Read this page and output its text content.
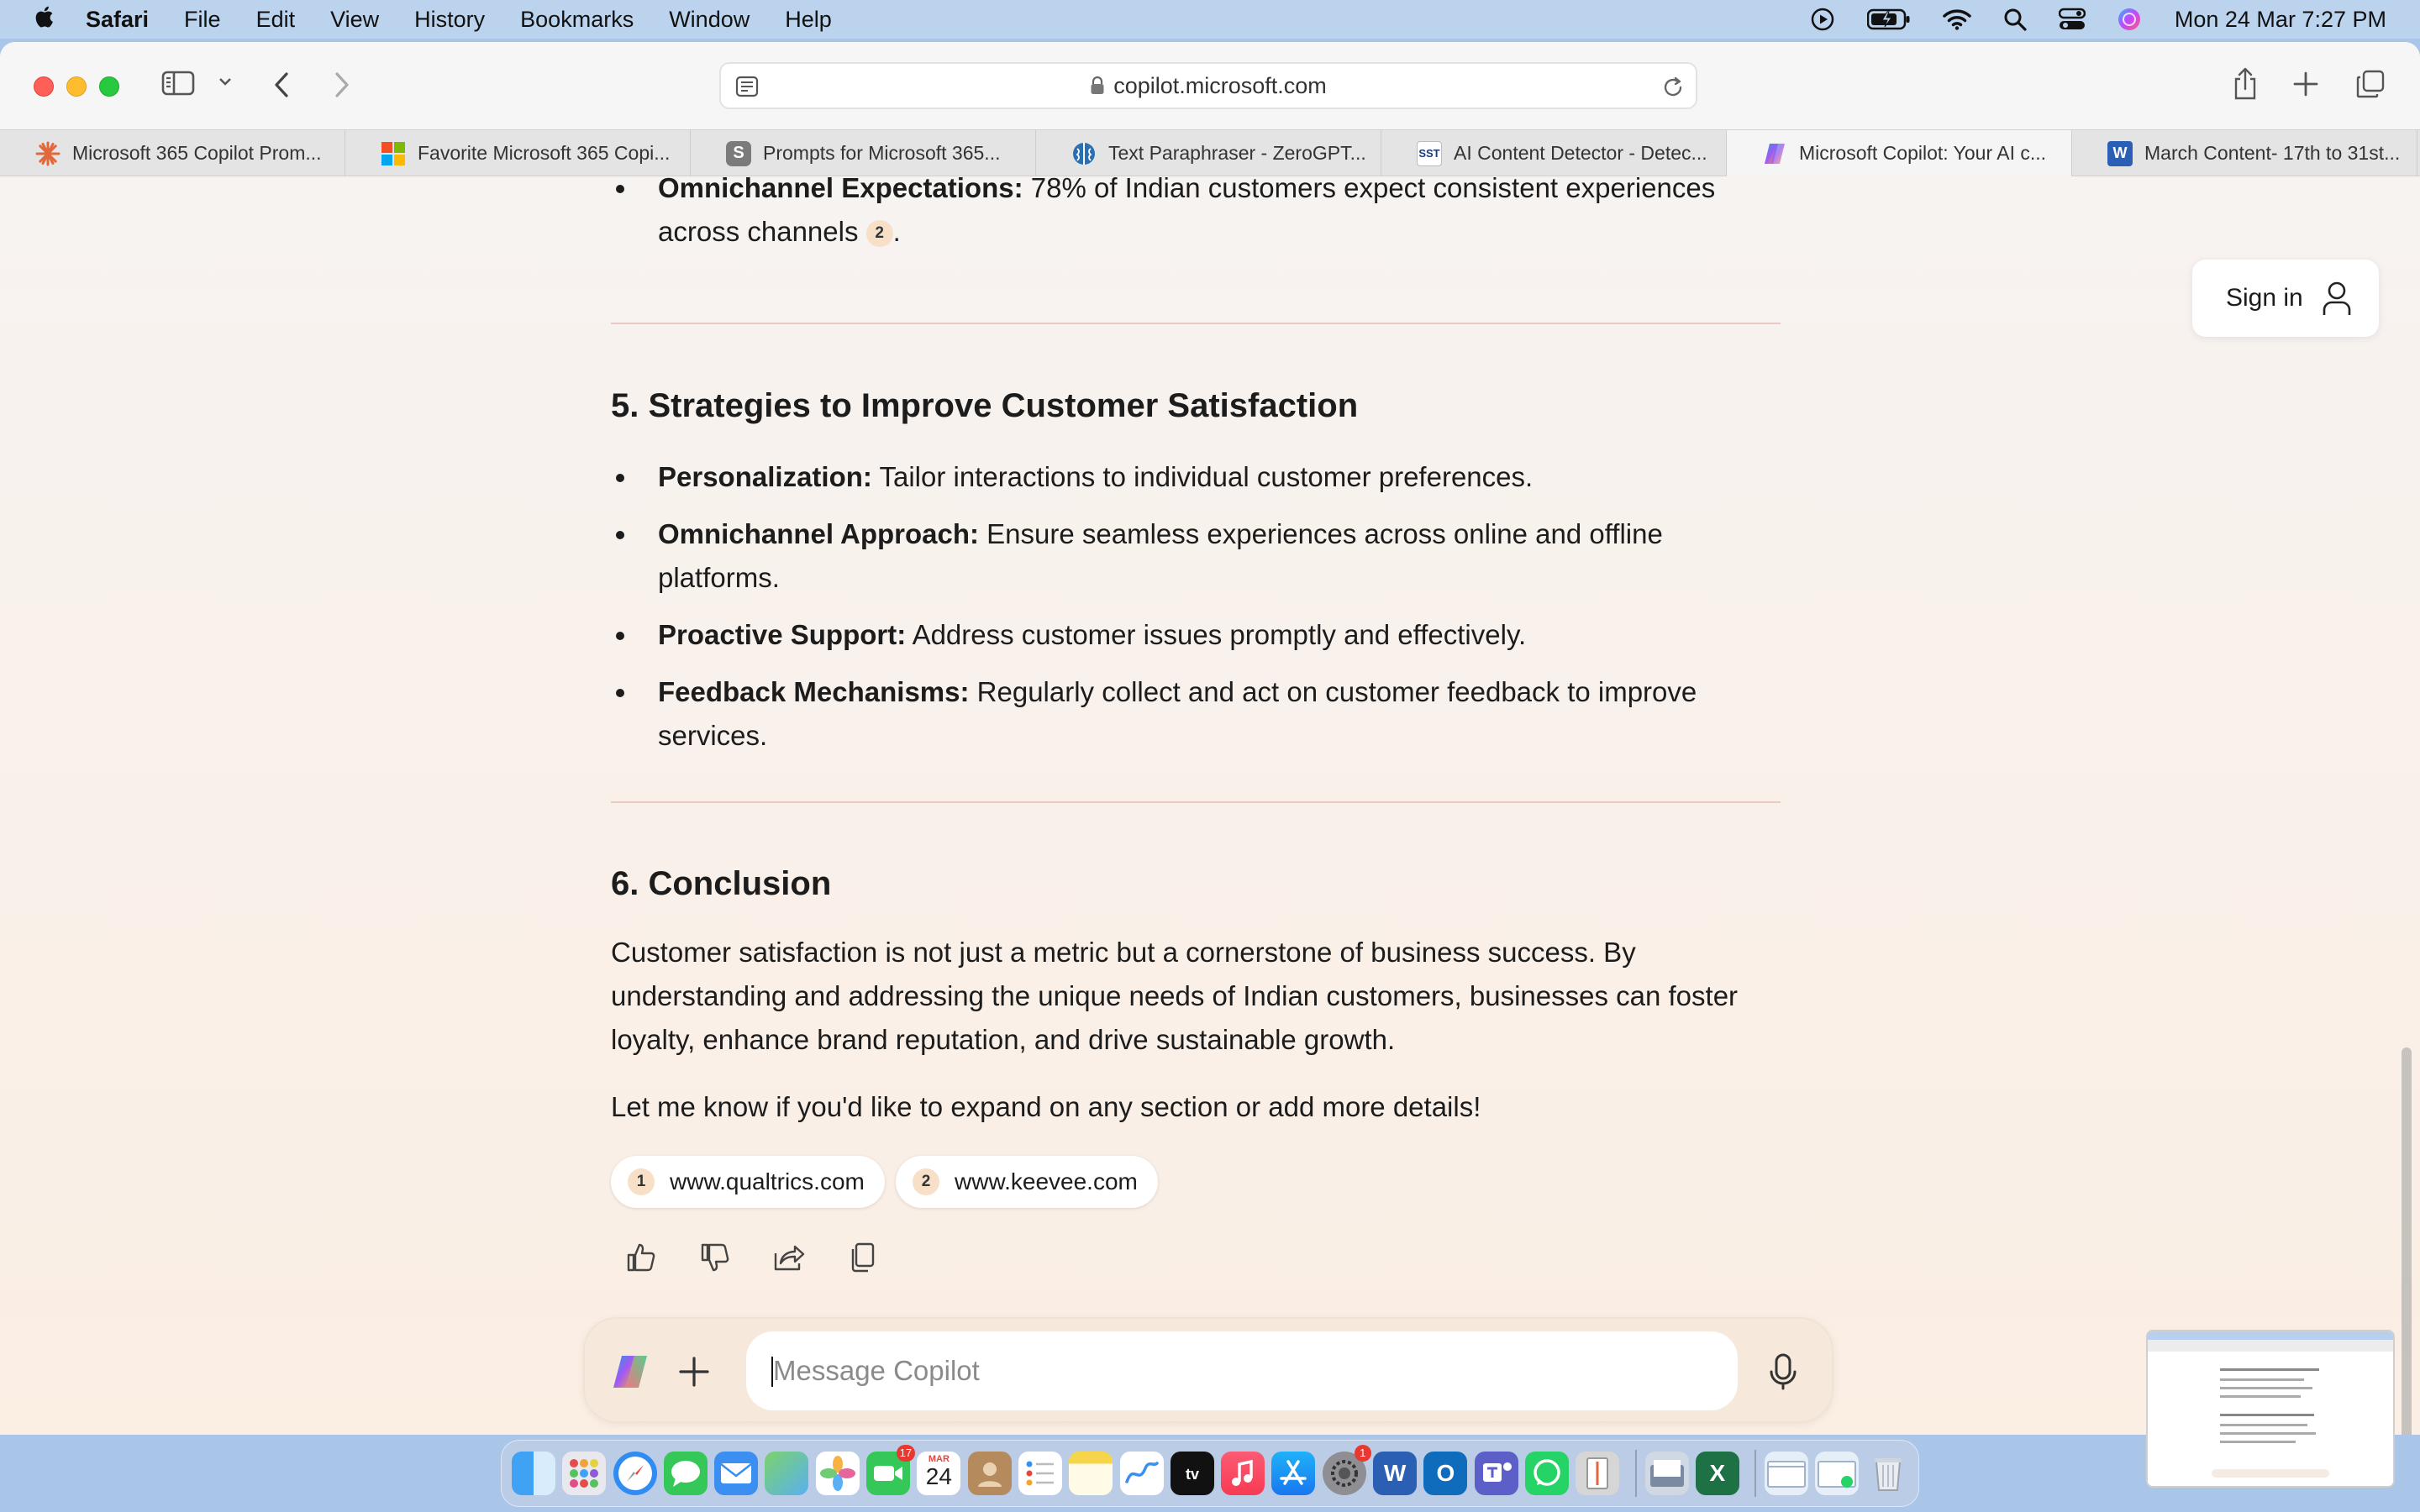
Safari File Edit View History Bookmarks Window Help	Mon 24 Mar 7:27 PM
copilot.microsoft.com
Microsoft 365 Copilot Prom...	Favorite Microsoft 365 Copi...	S Prompts for Microsoft 365...	Text Paraphraser - ZeroGPT...	SST AI Content Detector - Detec...	Microsoft Copilot: Your AI c...	W March Content- 17th to 31st...
Omnichannel Expectations: 78% of Indian customers expect consistent experiences
across channels 2 .
5. Strategies to Improve Customer Satisfaction
Personalization: Tailor interactions to individual customer preferences.
Omnichannel Approach: Ensure seamless experiences across online and offline platforms.
Proactive Support: Address customer issues promptly and effectively.
Feedback Mechanisms: Regularly collect and act on customer feedback to improve services.
6. Conclusion

Customer satisfaction is not just a metric but a cornerstone of business success. By understanding and addressing the unique needs of Indian customers, businesses can foster loyalty, enhance brand reputation, and drive sustainable growth.

Let me know if you'd like to expand on any section or add more details!

1	www.qualtrics.com	2	www.keevee.com
Sign in
Message Copilot
17	MAR
24	tv
1
W	O	X
